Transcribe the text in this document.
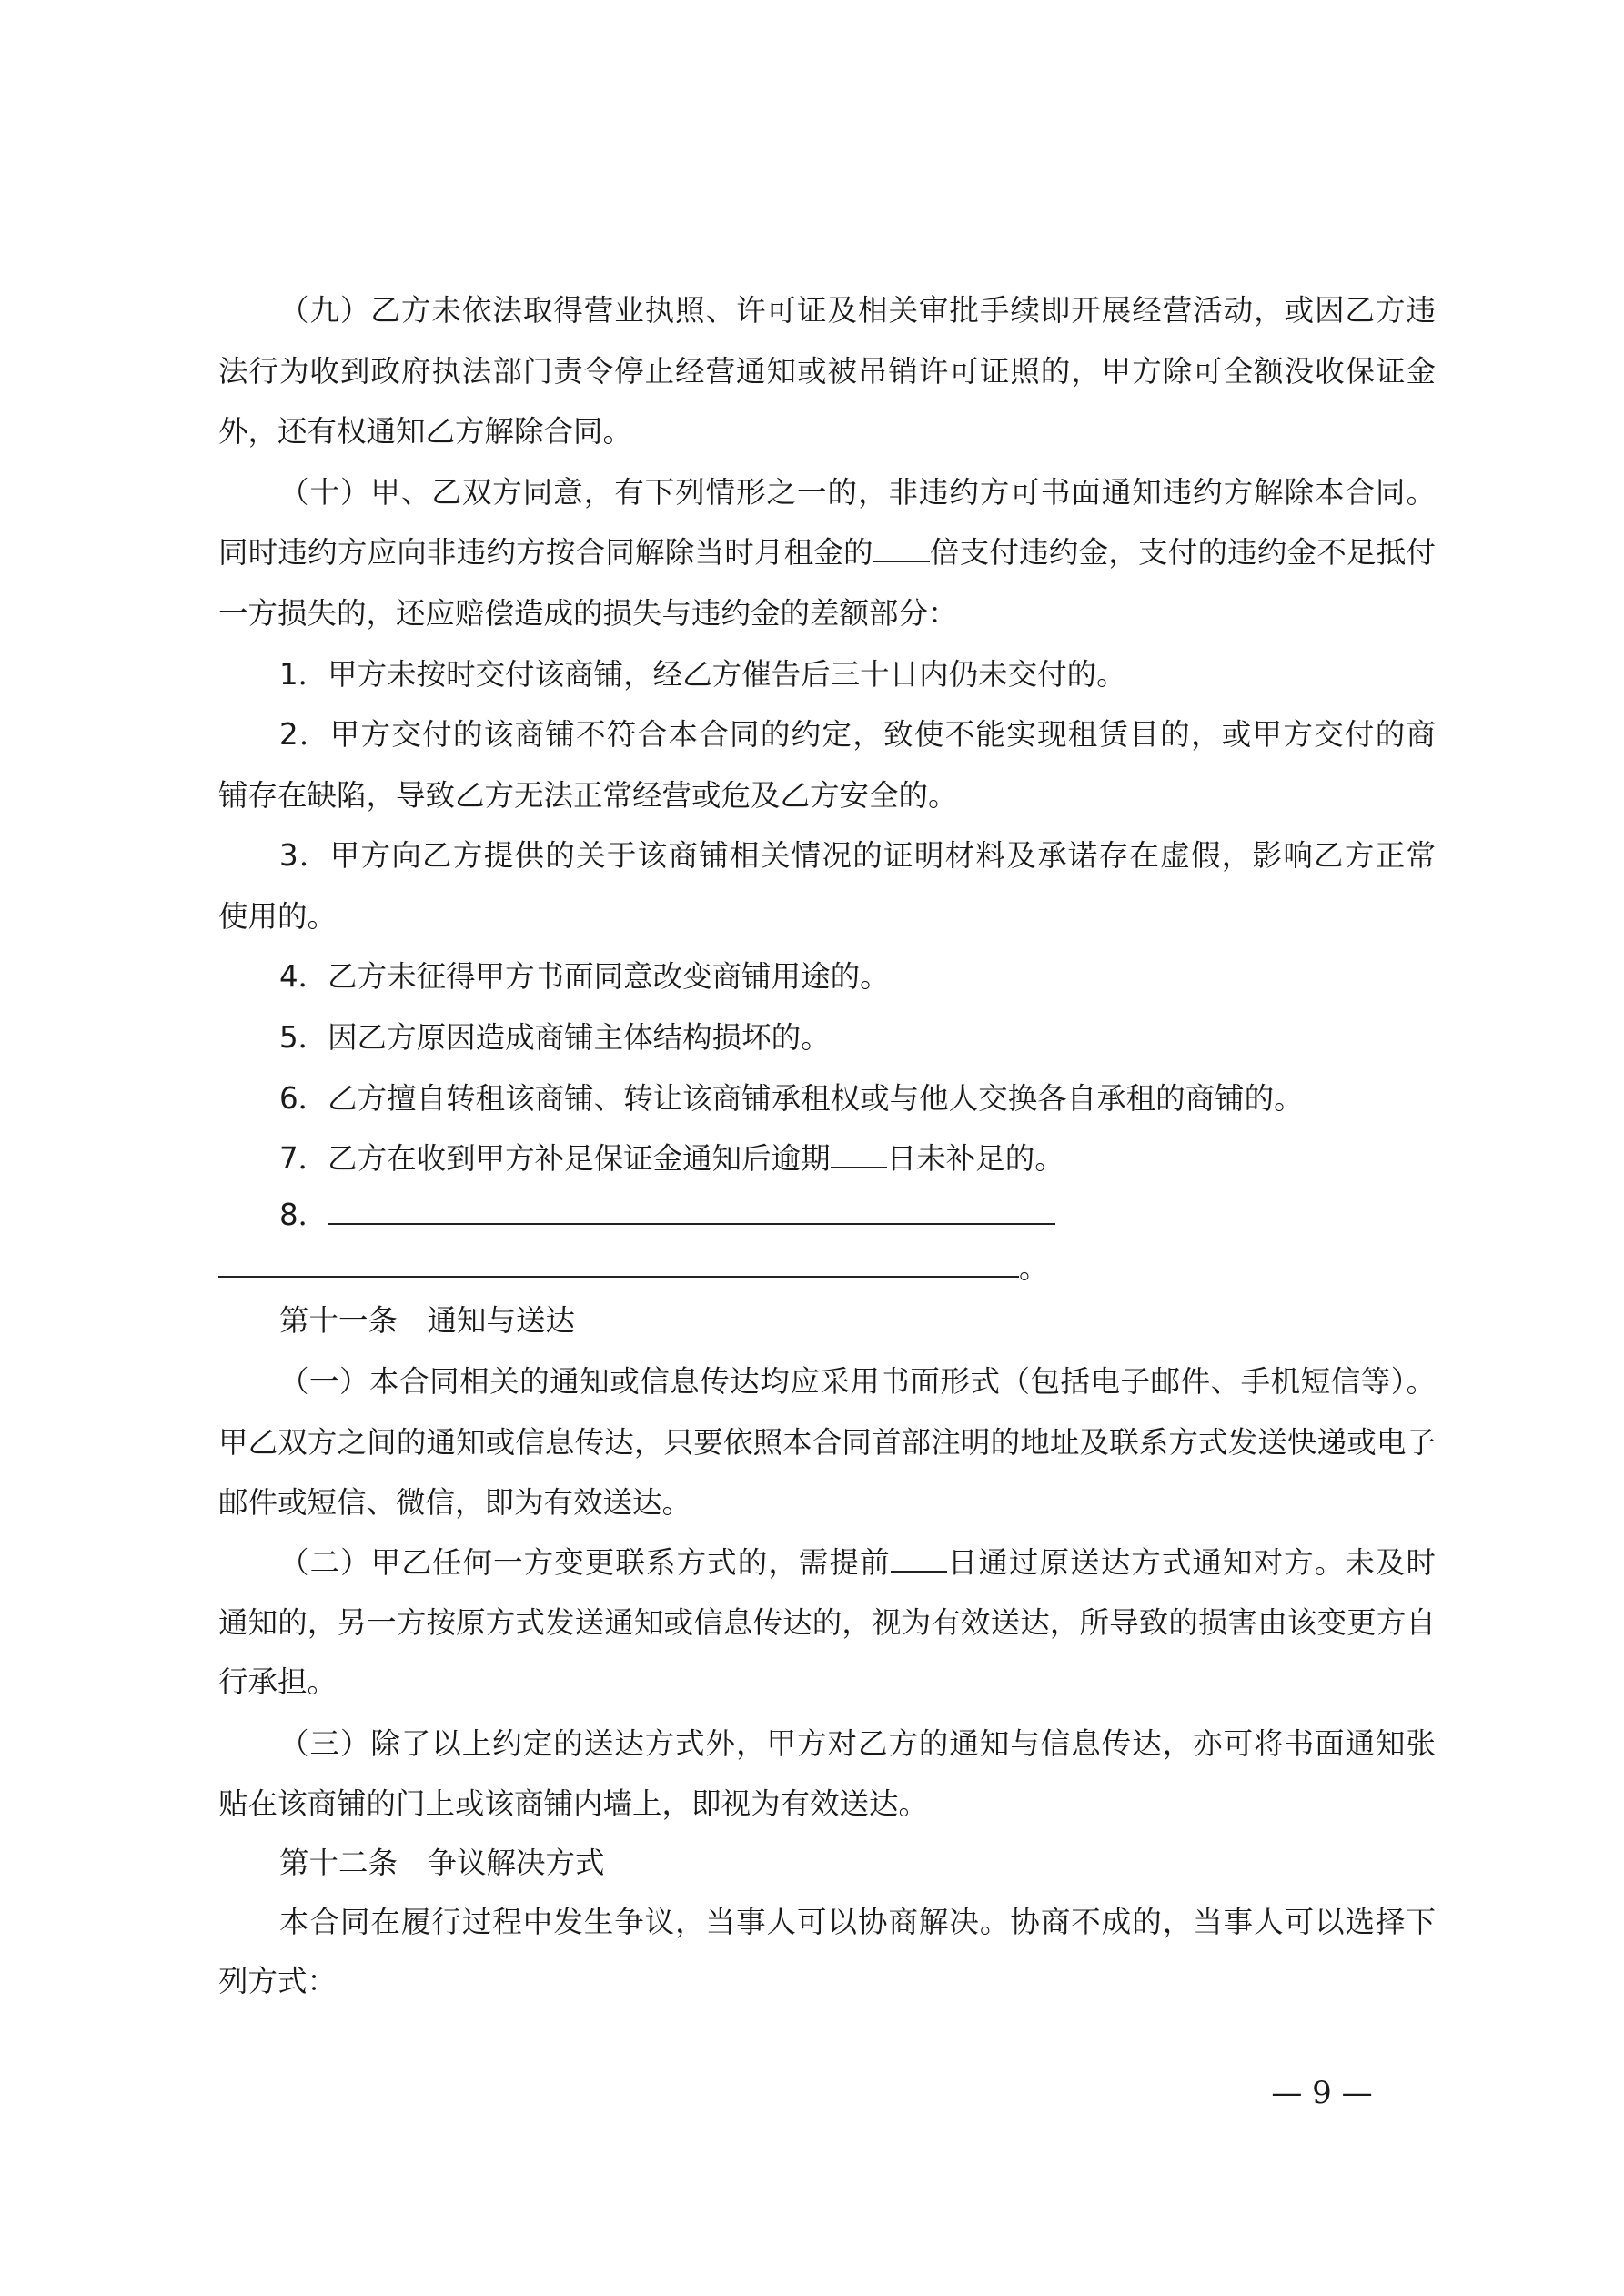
（九）乙方未依法取得营业执照、许可证及相关审批手续即开展经营活动，或因乙方违
法行为收到政府执法部门责令停止经营通知或被吊销许可证照的，甲方除可全额没收保证金
外，还有权通知乙方解除合同。
（十）甲、乙双方同意，有下列情形之一的，非违约方可书面通知违约方解除本合同。
同时违约方应向非违约方按合同解除当时月租金的 倍支付违约金，支付的违约金不足抵付
一方损失的，还应赔偿造成的损失与违约金的差额部分：
1．甲方未按时交付该商铺，经乙方催告后三十日内仍未交付的。
2．甲方交付的该商铺不符合本合同的约定，致使不能实现租赁目的，或甲方交付的商
铺存在缺陷，导致乙方无法正常经营或危及乙方安全的。
3．甲方向乙方提供的关于该商铺相关情况的证明材料及承诺存在虚假，影响乙方正常
使用的。
4．乙方未征得甲方书面同意改变商铺用途的。
5．因乙方原因造成商铺主体结构损坏的。
6．乙方擅自转租该商铺、转让该商铺承租权或与他人交换各自承租的商铺的。
7．乙方在收到甲方补足保证金通知后逾期 日未补足的。
8．
。
第十一条　通知与送达
（一）本合同相关的通知或信息传达均应采用书面形式（包括电子邮件、手机短信等）。
甲乙双方之间的通知或信息传达，只要依照本合同首部注明的地址及联系方式发送快递或电子
邮件或短信、微信，即为有效送达。
（二）甲乙任何一方变更联系方式的，需提前 日通过原送达方式通知对方。未及时
通知的，另一方按原方式发送通知或信息传达的，视为有效送达，所导致的损害由该变更方自
行承担。
（三）除了以上约定的送达方式外，甲方对乙方的通知与信息传达，亦可将书面通知张
贴在该商铺的门上或该商铺内墙上，即视为有效送达。
第十二条　争议解决方式
本合同在履行过程中发生争议，当事人可以协商解决。协商不成的，当事人可以选择下
列方式：
— 9 —
